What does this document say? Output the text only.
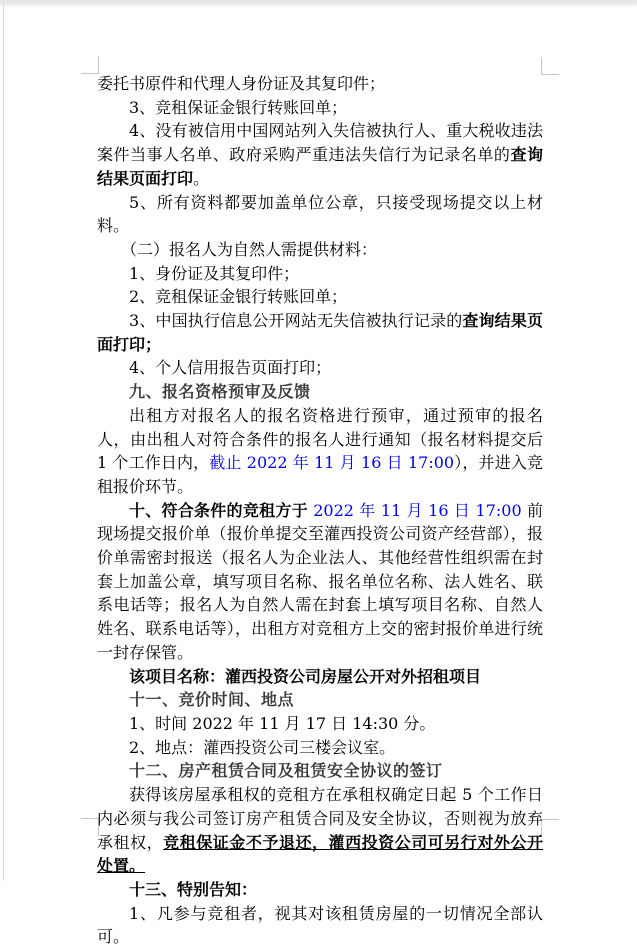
委托书原件和代理人身份证及其复印件；

3、竞租保证金银行转账回单；

4、没有被信用中国网站列入失信被执行人、重大税收违法案件当事人名单、政府采购严重违法失信行为记录名单的查询结果页面打印。

5、所有资料都要加盖单位公章，只接受现场提交以上材料。

（二）报名人为自然人需提供材料：

1、身份证及其复印件；

2、竞租保证金银行转账回单；

3、中国执行信息公开网站无失信被执行记录的查询结果页面打印；

4、个人信用报告页面打印；

九、报名资格预审及反馈

出租方对报名人的报名资格进行预审，通过预审的报名人，由出租人对符合条件的报名人进行通知（报名材料提交后 1 个工作日内，截止 2022 年 11 月 16 日 17:00），并进入竞租报价环节。

十、符合条件的竞租方于 2022 年 11 月 16 日 17:00 前现场提交报价单（报价单提交至灌西投资公司资产经营部），报价单需密封报送（报名人为企业法人、其他经营性组织需在封套上加盖公章，填写项目名称、报名单位名称、法人姓名、联系电话等；报名人为自然人需在封套上填写项目名称、自然人姓名、联系电话等），出租方对竞租方上交的密封报价单进行统一封存保管。

该项目名称：灌西投资公司房屋公开对外招租项目

十一、竞价时间、地点

1、时间 2022 年 11 月 17 日 14:30 分。

2、地点：灌西投资公司三楼会议室。

十二、房产租赁合同及租赁安全协议的签订

获得该房屋承租权的竞租方在承租权确定日起 5 个工作日内必须与我公司签订房产租赁合同及安全协议，否则视为放弃承租权，竞租保证金不予退还，灌西投资公司可另行对外公开处置。

十三、特别告知：

1、凡参与竞租者，视其对该租赁房屋的一切情况全部认可。
